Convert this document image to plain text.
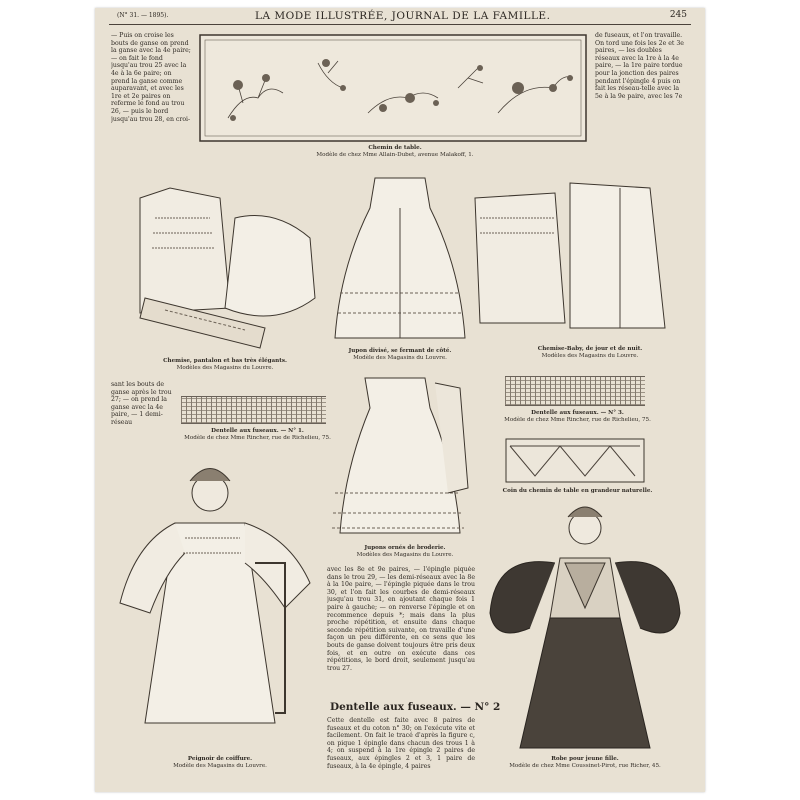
(N° 31. — 1895).	LA MODE ILLUSTRÉE, JOURNAL DE LA FAMILLE.	245
— Puis on croise les bouts de ganse on prend la ganse avec la 4e paire; — on fait le fond jusqu'au trou 25 avec la 4e à la 6e paire; on prend la ganse comme auparavant, et avec les 1re et 2e paires on referme le fond au trou 26, — puis le bord jusqu'au trou 28, en croi-
Chemin de table.
Modèle de chez Mme Allain-Dubet, avenue Malakoff, 1.
de fuseaux, et l'on travaille. On tord une fois les 2e et 3e paires, — les doubles réseaux avec la 1re à la 4e paire, — la 1re paire tordue pour la jonction des paires pendant l'épingle 4 puis on fait les réseau-telle avec la 5e à la 9e paire, avec les 7e
Chemise, pantalon et bas très élégants.
Modèles des Magasins du Louvre.
Jupon divisé, se fermant de côté.
Modèle des Magasins du Louvre.
Chemise-Baby, de jour et de nuit.
Modèles des Magasins du Louvre.
sant les bouts de ganse après le trou 27; — on prend la ganse avec la 4e paire, — 1 demi-réseau
Dentelle aux fuseaux. — N° 1.
Modèle de chez Mme Rincher, rue de Richelieu, 75.
Jupons ornés de broderie.
Modèles des Magasins du Louvre.
Dentelle aux fuseaux. — N° 3.
Modèle de chez Mme Rincher, rue de Richelieu, 75.
Coin du chemin de table en grandeur naturelle.
Peignoir de coiffure.
Modèle des Magasins du Louvre.
avec les 8e et 9e paires, — l'épingle piquée dans le trou 29, — les demi-réseaux avec la 8e à la 10e paire, — l'épingle piquée dans le trou 30, et l'on fait les courbes de demi-réseaux jusqu'au trou 31, en ajoutant chaque fois 1 paire à gauche; — on renverse l'épingle et on recommence depuis *; mais dans la plus proche répétition, et ensuite dans chaque seconde répétition suivante, on travaille d'une façon un peu différente, en ce sens que les bouts de ganse doivent toujours être pris deux fois, et en outre on exécute dans ces répétitions, le bord droit, seulement jusqu'au trou 27.
Dentelle aux fuseaux. — N° 2
Cette dentelle est faite avec 8 paires de fuseaux et du coton n° 30; on l'exécute vite et facilement. On fait le tracé d'après la figure c, on pique 1 épingle dans chacun des trous 1 à 4; on suspend à la 1re épingle 2 paires de fuseaux, aux épingles 2 et 3, 1 paire de fuseaux, à la 4e épingle, 4 paires
Robe pour jeune fille.
Modèle de chez Mme Coussinet-Pirot, rue Richer, 45.
